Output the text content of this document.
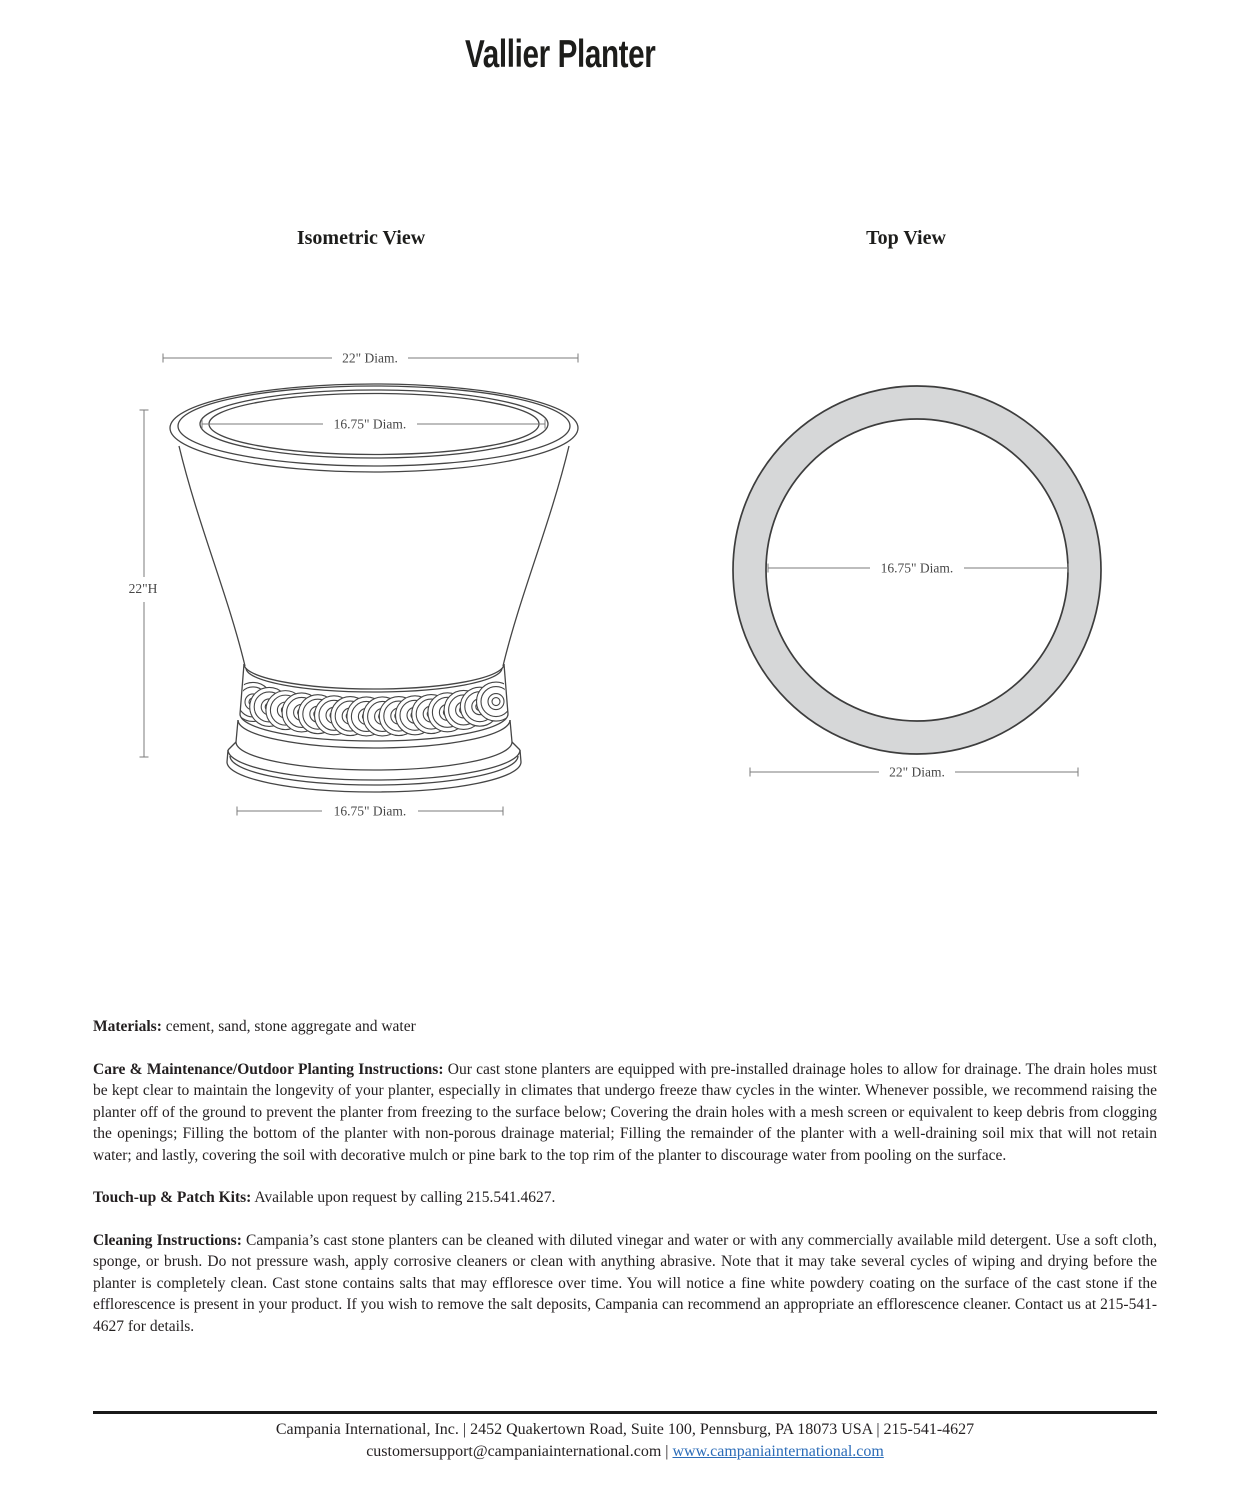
Vallier Planter
Isometric View	Top View
22" Diam.
16.75" Diam.
16.75" Diam.
22"H
16.75" Diam.
22" Diam.

Materials: cement, sand, stone aggregate and water

Care & Maintenance/Outdoor Planting Instructions: Our cast stone planters are equipped with pre-installed drainage holes to allow for drainage. The drain holes must be kept clear to maintain the longevity of your planter, especially in climates that undergo freeze thaw cycles in the winter. Whenever possible, we recommend raising the planter off of the ground to prevent the planter from freezing to the surface below; Covering the drain holes with a mesh screen or equivalent to keep debris from clogging the openings; Filling the bottom of the planter with non-porous drainage material; Filling the remainder of the planter with a well-draining soil mix that will not retain water; and lastly, covering the soil with decorative mulch or pine bark to the top rim of the planter to discourage water from pooling on the surface.

Touch-up & Patch Kits: Available upon request by calling 215.541.4627.

Cleaning Instructions: Campania’s cast stone planters can be cleaned with diluted vinegar and water or with any commercially available mild detergent. Use a soft cloth, sponge, or brush. Do not pressure wash, apply corrosive cleaners or clean with anything abrasive. Note that it may take several cycles of wiping and drying before the planter is completely clean. Cast stone contains salts that may effloresce over time. You will notice a fine white powdery coating on the surface of the cast stone if the efflorescence is present in your product. If you wish to remove the salt deposits, Campania can recommend an appropriate an efflorescence cleaner. Contact us at 215-541-4627 for details.

Campania International, Inc. | 2452 Quakertown Road, Suite 100, Pennsburg, PA 18073 USA | 215-541-4627
customersupport@campaniainternational.com | www.campaniainternational.com
